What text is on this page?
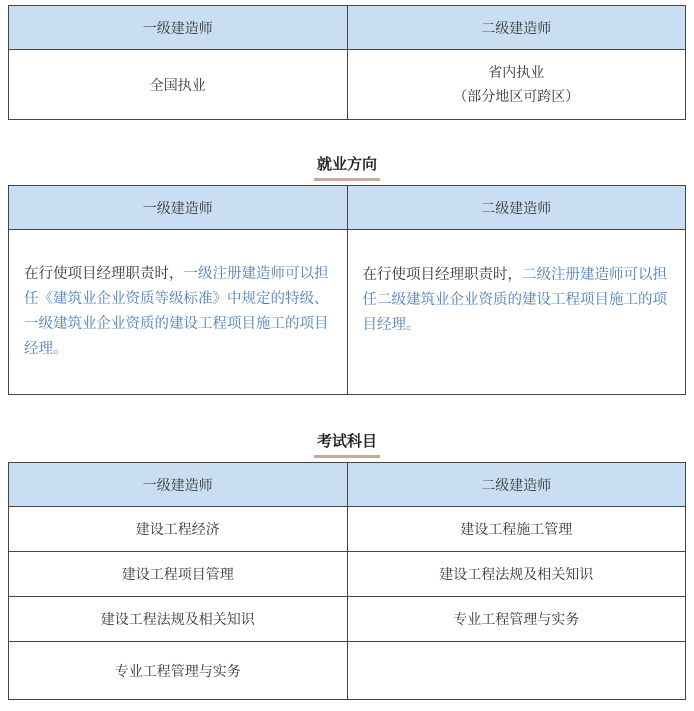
一级建造师	二级建造师
全国执业	省内执业
（部分地区可跨区）
就业方向
一级建造师	二级建造师
在行使项目经理职责时，一级注册建造师可以担任《建筑业企业资质等级标准》中规定的特级、一级建筑业企业资质的建设工程项目施工的项目经理。	在行使项目经理职责时，二级注册建造师可以担任二级建筑业企业资质的建设工程项目施工的项目经理。
考试科目
一级建造师	二级建造师
建设工程经济	建设工程施工管理
建设工程项目管理	建设工程法规及相关知识
建设工程法规及相关知识	专业工程管理与实务
专业工程管理与实务	
